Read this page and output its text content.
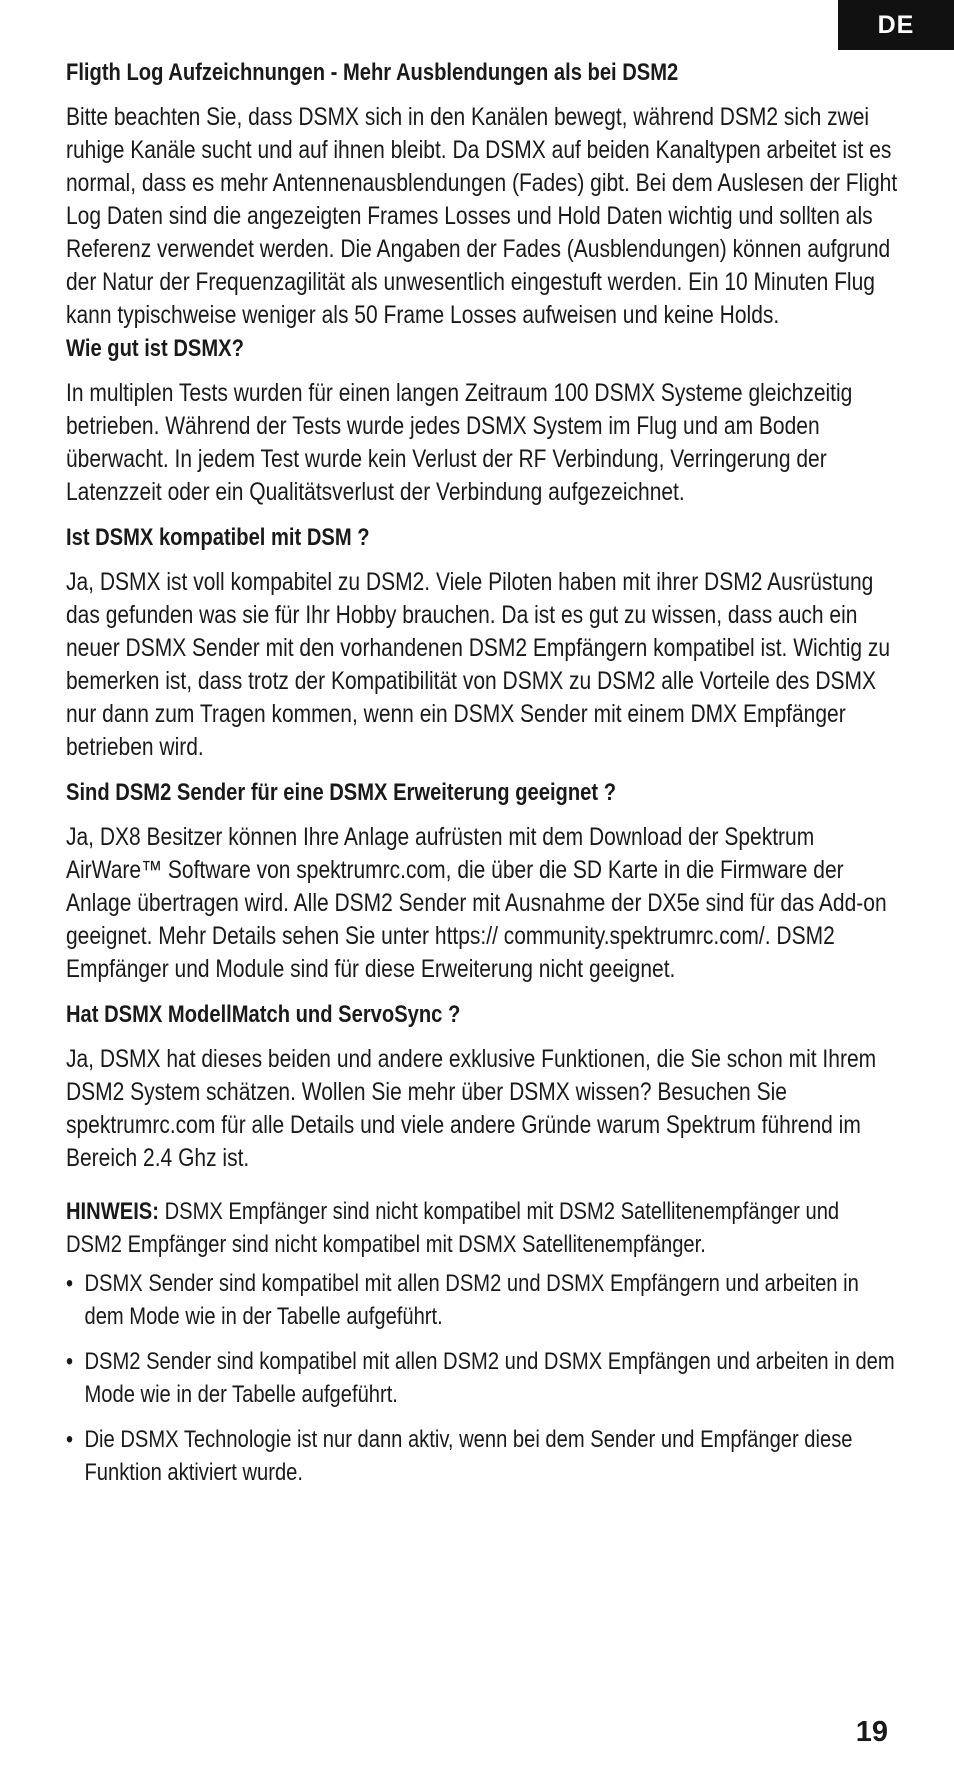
DE
Fligth Log Aufzeichnungen - Mehr Ausblendungen als bei DSM2

Bitte beachten Sie, dass DSMX sich in den Kanälen bewegt, während DSM2 sich zwei ruhige Kanäle sucht und auf ihnen bleibt. Da DSMX auf beiden Kanaltypen arbeitet ist es normal, dass es mehr Antennenausblendungen (Fades) gibt. Bei dem Auslesen der Flight Log Daten sind die angezeigten Frames Losses und Hold Daten wichtig und sollten als Referenz verwendet werden. Die Angaben der Fades (Ausblendungen) können aufgrund der Natur der Frequenzagilität als unwesentlich eingestuft werden. Ein 10 Minuten Flug kann typischweise weniger als 50 Frame Losses aufweisen und keine Holds.

Wie gut ist DSMX?

In multiplen Tests wurden für einen langen Zeitraum 100 DSMX Systeme gleichzeitig betrieben. Während der Tests wurde jedes DSMX System im Flug und am Boden überwacht. In jedem Test wurde kein Verlust der RF Verbindung, Verringerung der Latenzzeit oder ein Qualitätsverlust der Verbindung aufgezeichnet.

Ist DSMX kompatibel mit DSM ?

Ja, DSMX ist voll kompabitel zu DSM2. Viele Piloten haben mit ihrer DSM2 Ausrüstung das gefunden was sie für Ihr Hobby brauchen. Da ist es gut zu wissen, dass auch ein neuer DSMX Sender mit den vorhandenen DSM2 Empfängern kompatibel ist. Wichtig zu bemerken ist, dass trotz der Kompatibilität von DSMX zu DSM2 alle Vorteile des DSMX nur dann zum Tragen kommen, wenn ein DSMX Sender mit einem DMX Empfänger betrieben wird.

Sind DSM2 Sender für eine DSMX Erweiterung geeignet ?

Ja, DX8 Besitzer können Ihre Anlage aufrüsten mit dem Download der Spektrum AirWare™ Software von spektrumrc.com, die über die SD Karte in die Firmware der Anlage übertragen wird. Alle DSM2 Sender mit Ausnahme der DX5e sind für das Add-on geeignet. Mehr Details sehen Sie unter https:// community.spektrumrc.com/. DSM2 Empfänger und Module sind für diese Erweiterung nicht geeignet.

Hat DSMX ModellMatch und ServoSync ?

Ja, DSMX hat dieses beiden und andere exklusive Funktionen, die Sie schon mit Ihrem DSM2 System schätzen. Wollen Sie mehr über DSMX wissen? Besuchen Sie spektrumrc.com für alle Details und viele andere Gründe warum Spektrum führend im Bereich 2.4 Ghz ist.

HINWEIS: DSMX Empfänger sind nicht kompatibel mit DSM2 Satellitenempfänger und DSM2 Empfänger sind nicht kompatibel mit DSMX Satellitenempfänger.
• DSMX Sender sind kompatibel mit allen DSM2 und DSMX Empfängern und arbeiten in dem Mode wie in der Tabelle aufgeführt.
• DSM2 Sender sind kompatibel mit allen DSM2 und DSMX Empfängen und arbeiten in dem Mode wie in der Tabelle aufgeführt.
• Die DSMX Technologie ist nur dann aktiv, wenn bei dem Sender und Empfänger diese Funktion aktiviert wurde.
19
